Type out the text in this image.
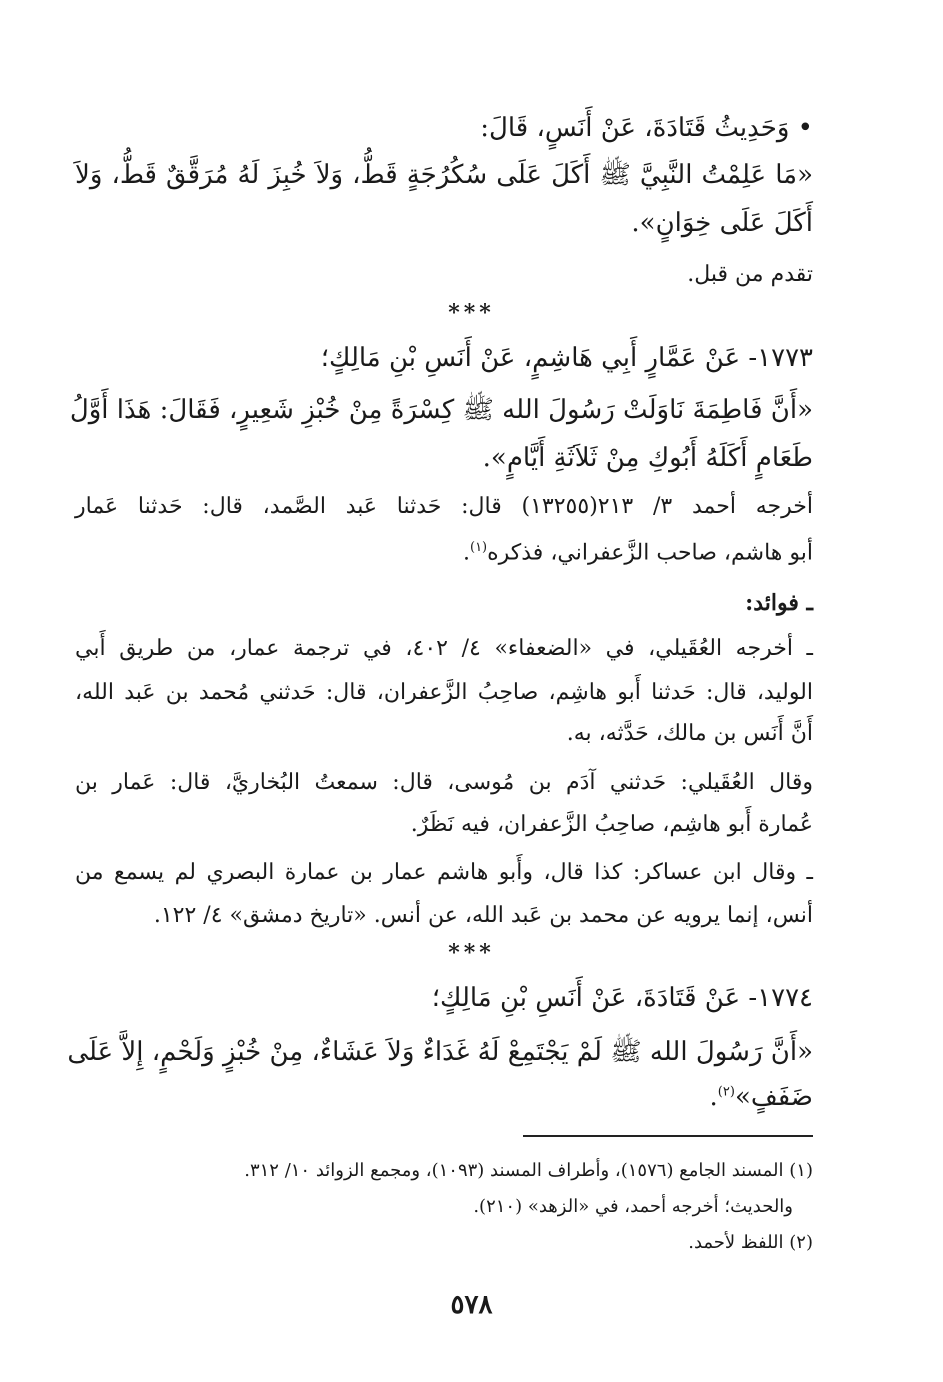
• وَحَدِيثُ قَتَادَةَ، عَنْ أَنَسٍ، قَالَ:
«مَا عَلِمْتُ النَّبِيَّ ﷺ أَكَلَ عَلَى سُكُرُجَةٍ قَطُّ، وَلاَ خُبِزَ لَهُ مُرَقَّقٌ قَطُّ، وَلاَ
أَكَلَ عَلَى خِوَانٍ».
تقدم من قبل.
***
١٧٧٣- عَنْ عَمَّارٍ أَبِي هَاشِمٍ، عَنْ أَنَسِ بْنِ مَالِكٍ؛
«أَنَّ فَاطِمَةَ نَاوَلَتْ رَسُولَ الله ﷺ كِسْرَةً مِنْ خُبْزِ شَعِيرٍ، فَقَالَ: هَذَا أَوَّلُ
طَعَامٍ أَكَلَهُ أَبُوكِ مِنْ ثَلاَثَةِ أَيَّامٍ».
أخرجه أحمد ٣/ ٢١٣(١٣٢٥٥) قال: حَدثنا عَبد الصَّمد، قال: حَدثنا عَمار
أبو هاشم، صاحب الزَّعفراني، فذكره$^{(١)}$.
ـ فوائد:
ـ أخرجه العُقَيلي، في «الضعفاء» ٤/ ٤٠٢، في ترجمة عمار، من طريق أَبي
الوليد، قال: حَدثنا أَبو هاشِم، صاحِبُ الزَّعفران، قال: حَدثني مُحمد بن عَبد الله،
أَنَّ أَنَس بن مالك، حَدَّثه، به.
وقال العُقَيلي: حَدثني آدَم بن مُوسى، قال: سمعتُ البُخاريَّ، قال: عَمار بن
عُمارة أَبو هاشِم، صاحِبُ الزَّعفران، فيه نَظَرٌ.
ـ وقال ابن عساكر: كذا قال، وأَبو هاشم عمار بن عمارة البصري لم يسمع من
أنس، إنما يرويه عن محمد بن عَبد الله، عن أنس. «تاريخ دمشق» ٤/ ١٢٢.
***
١٧٧٤- عَنْ قَتَادَةَ، عَنْ أَنَسِ بْنِ مَالِكٍ؛
«أَنَّ رَسُولَ الله ﷺ لَمْ يَجْتَمِعْ لَهُ غَدَاءٌ وَلاَ عَشَاءٌ، مِنْ خُبْزٍ وَلَحْمٍ، إِلاَّ عَلَى
ضَفَفٍ»$^{(٢)}$.
(١) المسند الجامع (١٥٧٦)، وأطراف المسند (١٠٩٣)، ومجمع الزوائد ١٠/ ٣١٢.
والحديث؛ أخرجه أحمد، في «الزهد» (٢١٠).
(٢) اللفظ لأحمد.
٥٧٨
